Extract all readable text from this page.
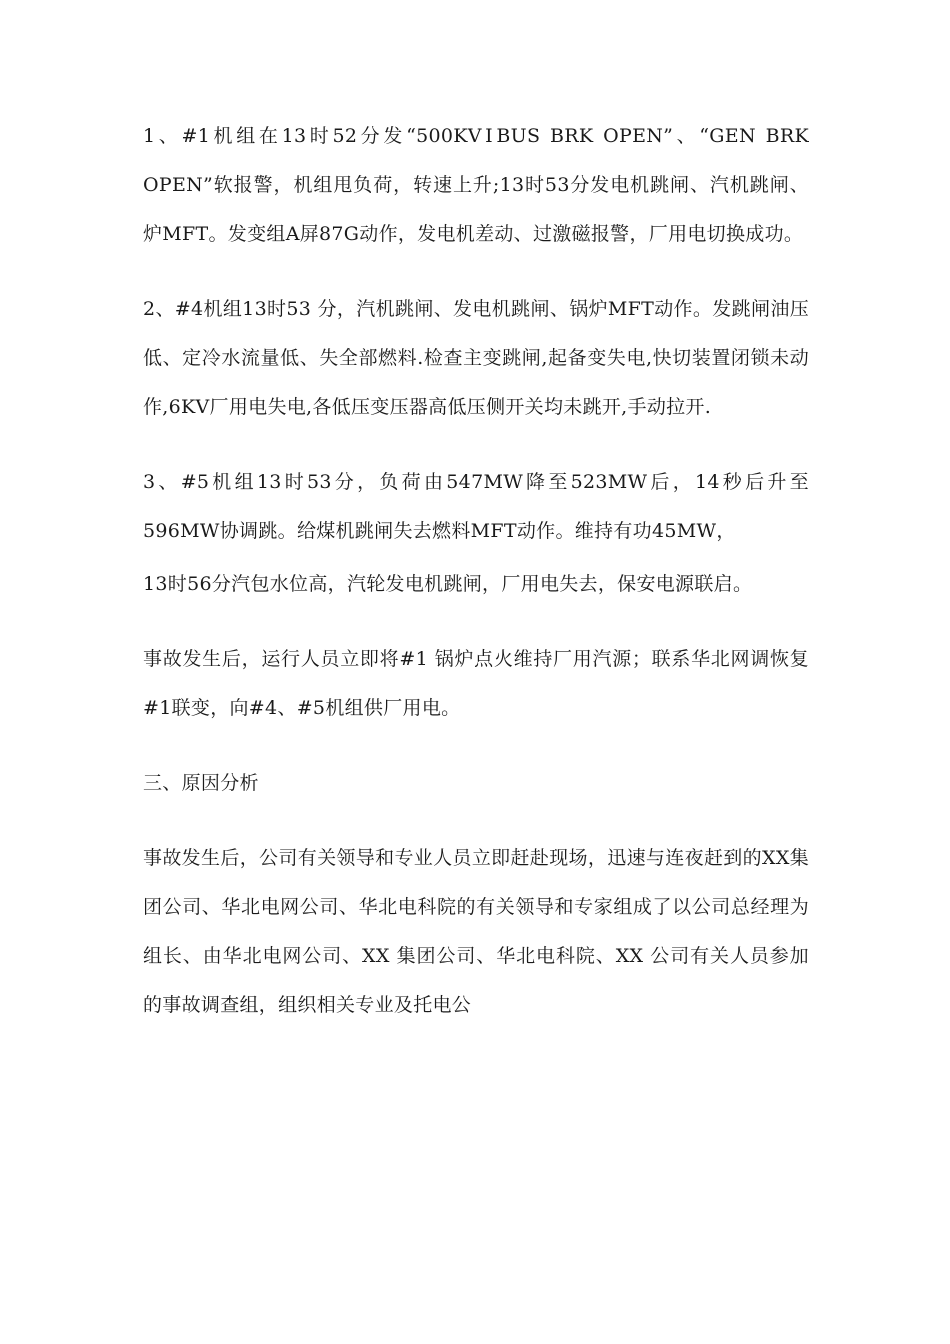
1、#1机组在13时52分发“500KVⅠBUS BRK OPEN”、“GEN BRK OPEN”软报警，机组甩负荷，转速上升;13时53分发电机跳闸、汽机跳闸、炉MFT。发变组A屏87G动作，发电机差动、过激磁报警，厂用电切换成功。

2、#4机组13时53 分，汽机跳闸、发电机跳闸、锅炉MFT动作。发跳闸油压低、定冷水流量低、失全部燃料.检查主变跳闸,起备变失电,快切装置闭锁未动作,6KV厂用电失电,各低压变压器高低压侧开关均未跳开,手动拉开.

3、#5机组13时53分，负荷由547MW降至523MW后，14秒后升至596MW协调跳。给煤机跳闸失去燃料MFT动作。维持有功45MW，

13时56分汽包水位高，汽轮发电机跳闸，厂用电失去，保安电源联启。

事故发生后，运行人员立即将#1 锅炉点火维持厂用汽源；联系华北网调恢复#1联变，向#4、#5机组供厂用电。

三、原因分析

事故发生后，公司有关领导和专业人员立即赶赴现场，迅速与连夜赶到的XX集团公司、华北电网公司、华北电科院的有关领导和专家组成了以公司总经理为组长、由华北电网公司、XX 集团公司、华北电科院、XX 公司有关人员参加的事故调查组，组织相关专业及托电公
